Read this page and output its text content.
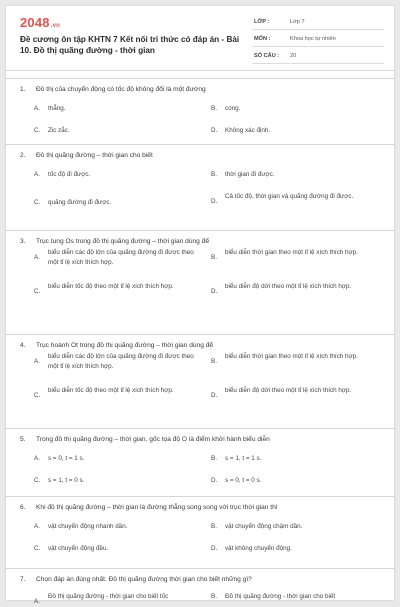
2048.vn
Đề cương ôn tập KHTN 7 Kết nối tri thức có đáp án - Bài 10. Đồ thị quãng đường - thời gian
LỚP :	Lớp 7
MÔN :	Khoa học tự nhiên
SỐ CÂU : 20
1. Đồ thị của chuyển động có tốc độ không đổi là một đường
A. thẳng.	B. cong.
C. Zic zắc.	D. Không xác định.
2. Đồ thị quãng đường – thời gian cho biết
A. tốc độ đi được.	B. thời gian đi được.
C. quãng đường đi được.	D.
Cả tốc độ, thời gian và quãng đường đi được.
3. Trục tung Os trong đồ thị quãng đường – thời gian dùng để
A.
biểu diễn các độ lớn của quãng đường đi được theo một tỉ lệ xích thích hợp.
B.
biểu diễn thời gian theo một tỉ lệ xích thích hợp.
C.
biểu diễn tốc độ theo một tỉ lệ xích thích hợp.
D.
biểu diễn độ dời theo một tỉ lệ xích thích hợp.
4. Trục hoành Ot trong đồ thị quãng đường – thời gian dùng để
A.
biểu diễn các độ lớn của quãng đường đi được theo một tỉ lệ xích thích hợp.
B.
biểu diễn thời gian theo một tỉ lệ xích thích hợp.
C.
biểu diễn tốc độ theo một tỉ lệ xích thích hợp.
D.
biểu diễn độ dời theo một tỉ lệ xích thích hợp.
5. Trong đồ thị quãng đường – thời gian, gốc tọa độ O là điểm khởi hành biểu diễn
A. s = 0, t = 1 s.	B. s = 1, t = 1 s.
C. s = 1, t = 0 s.	D. s = 0, t = 0 s.
6. Khi đồ thị quãng đường – thời gian là đường thẳng song song với trục thời gian thì
A. vật chuyển động nhanh dần.	B. vật chuyển động chậm dần.
C. vật chuyển động đều.	D. vật không chuyển động.
7. Chọn đáp án đúng nhất. Đồ thị quãng đường thời gian cho biết những gì?
A.
Đồ thị quãng đường - thời gian cho biết tốc	B. Đồ thị quãng đường - thời gian cho biết
